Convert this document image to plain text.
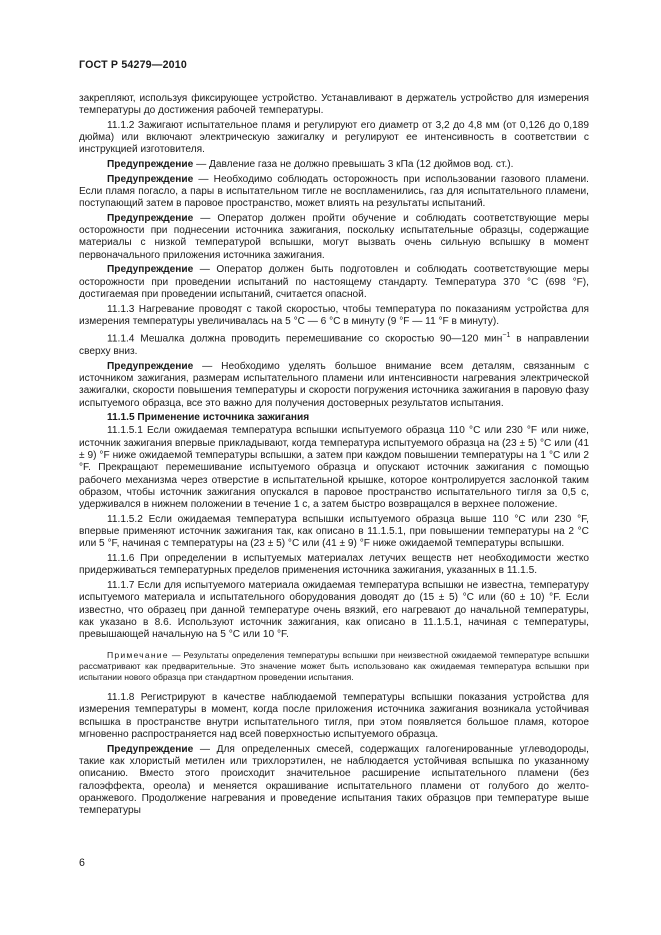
ГОСТ Р 54279—2010

закрепляют, используя фиксирующее устройство. Устанавливают в держатель устройство для измерения температуры до достижения рабочей температуры.

11.1.2 Зажигают испытательное пламя и регулируют его диаметр от 3,2 до 4,8 мм (от 0,126 до 0,189 дюйма) или включают электрическую зажигалку и регулируют ее интенсивность в соответствии с инструкцией изготовителя.

Предупреждение — Давление газа не должно превышать 3 кПа (12 дюймов вод. ст.).

Предупреждение — Необходимо соблюдать осторожность при использовании газового пламени. Если пламя погасло, а пары в испытательном тигле не воспламенились, газ для испытательного пламени, поступающий затем в паровое пространство, может влиять на результаты испытаний.

Предупреждение — Оператор должен пройти обучение и соблюдать соответствующие меры осторожности при поднесении источника зажигания, поскольку испытательные образцы, содержащие материалы с низкой температурой вспышки, могут вызвать очень сильную вспышку в момент первоначального приложения источника зажигания.

Предупреждение — Оператор должен быть подготовлен и соблюдать соответствующие меры осторожности при проведении испытаний по настоящему стандарту. Температура 370 °С (698 °F), достигаемая при проведении испытаний, считается опасной.

11.1.3 Нагревание проводят с такой скоростью, чтобы температура по показаниям устройства для измерения температуры увеличивалась на 5 °С — 6 °С в минуту (9 °F — 11 °F в минуту).

11.1.4 Мешалка должна проводить перемешивание со скоростью 90—120 мин$^{-1}$ в направлении сверху вниз.

Предупреждение — Необходимо уделять большое внимание всем деталям, связанным с источником зажигания, размерам испытательного пламени или интенсивности нагревания электрической зажигалки, скорости повышения температуры и скорости погружения источника зажигания в паровую фазу испытуемого образца, все это важно для получения достоверных результатов испытания.

11.1.5 Применение источника зажигания

11.1.5.1 Если ожидаемая температура вспышки испытуемого образца 110 °С или 230 °F или ниже, источник зажигания впервые прикладывают, когда температура испытуемого образца на (23 ± 5) °С или (41 ± 9) °F ниже ожидаемой температуры вспышки, а затем при каждом повышении температуры на 1 °С или 2 °F. Прекращают перемешивание испытуемого образца и опускают источник зажигания с помощью рабочего механизма через отверстие в испытательной крышке, которое контролируется заслонкой таким образом, чтобы источник зажигания опускался в паровое пространство испытательного тигля за 0,5 с, удерживался в нижнем положении в течение 1 с, а затем быстро возвращался в верхнее положение.

11.1.5.2 Если ожидаемая температура вспышки испытуемого образца выше 110 °С или 230 °F, впервые применяют источник зажигания так, как описано в 11.1.5.1, при повышении температуры на 2 °С или 5 °F, начиная с температуры на (23 ± 5) °С или (41 ± 9) °F ниже ожидаемой температуры вспышки.

11.1.6 При определении в испытуемых материалах летучих веществ нет необходимости жестко придерживаться температурных пределов применения источника зажигания, указанных в 11.1.5.

11.1.7 Если для испытуемого материала ожидаемая температура вспышки не известна, температуру испытуемого материала и испытательного оборудования доводят до (15 ± 5) °С или (60 ± 10) °F. Если известно, что образец при данной температуре очень вязкий, его нагревают до начальной температуры, как указано в 8.6. Используют источник зажигания, как описано в 11.1.5.1, начиная с температуры, превышающей начальную на 5 °С или 10 °F.

Примечание — Результаты определения температуры вспышки при неизвестной ожидаемой температуре вспышки рассматривают как предварительные. Это значение может быть использовано как ожидаемая температура вспышки при испытании нового образца при стандартном проведении испытания.

11.1.8 Регистрируют в качестве наблюдаемой температуры вспышки показания устройства для измерения температуры в момент, когда после приложения источника зажигания возникала устойчивая вспышка в пространстве внутри испытательного тигля, при этом появляется большое пламя, которое мгновенно распространяется над всей поверхностью испытуемого образца.

Предупреждение — Для определенных смесей, содержащих галогенированные углеводороды, такие как хлористый метилен или трихлорэтилен, не наблюдается устойчивая вспышка по указанному описанию. Вместо этого происходит значительное расширение испытательного пламени (без галоэффекта, ореола) и меняется окрашивание испытательного пламени от голубого до желто-оранжевого. Продолжение нагревания и проведение испытания таких образцов при температуре выше температуры

6
